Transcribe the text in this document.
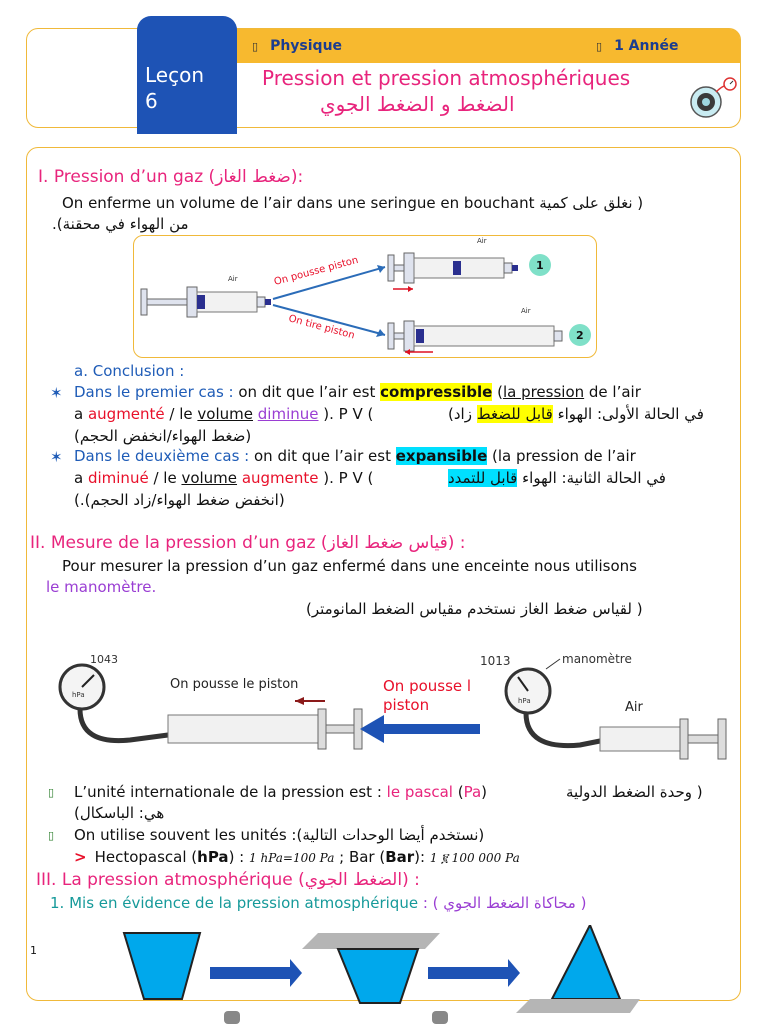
Leçon
6
▯ Physique	▯ 1 Année
Pression et pression atmosphériques
الضغط و الضغط الجوي
I. Pression d’un gaz (ضغط الغاز):
On enferme un volume de l’air dans une seringue en bouchant ( نغلق على كمية
من الهواء في محقنة).
Air	On pousse piston
On tire piston
Air
1
Air
2
a. Conclusion :
✶ Dans le premier cas : on dit que l’air est compressible (la pression de l’air
a augmenté / le volume diminue ). P V (	في الحالة الأولى: الهواء قابل للضغط زاد)
(ضغط الهواء/انخفض الحجم)
✶ Dans le deuxième cas : on dit que l’air est expansible (la pression de l’air
a diminué / le volume augmente ). P V (	في الحالة الثانية: الهواء قابل للتمدد
(انخفض ضغط الهواء/زاد الحجم).)
II. Mesure de la pression d’un gaz (قياس ضغط الغاز) :
Pour mesurer la pression d’un gaz enfermé dans une enceinte nous utilisons
le manomètre.
( لقياس ضغط الغاز نستخدم مقياس الضغط المانومتر)
1043
hPa
On pousse le piston	On pousse l
piston
1013	manomètre
hPa	Air
▯ L’unité internationale de la pression est : le pascal (Pa)	( وحدة الضغط الدولية
هي: الباسكال)
▯ On utilise souvent les unités (نستخدم أيضا الوحدات التالية):
> Hectopascal (hPa) : 1 hPa=100 Pa ; Bar (Bar): 1 ፪ 100 000 Pa
III. La pression atmosphérique (الضغط الجوي) :
1. Mis en évidence de la pression atmosphérique ( محاكاة الضغط الجوي ) :
1
